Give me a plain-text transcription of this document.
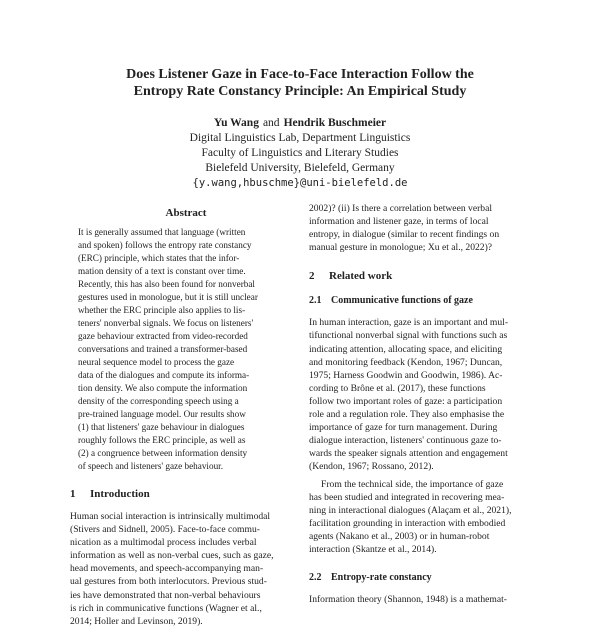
Does Listener Gaze in Face-to-Face Interaction Follow the
Entropy Rate Constancy Principle: An Empirical Study
Yu Wang and Hendrik Buschmeier
Digital Linguistics Lab, Department Linguistics
Faculty of Linguistics and Literary Studies
Bielefeld University, Bielefeld, Germany
{y.wang,hbuschme}@uni-bielefeld.de
Abstract
It is generally assumed that language (written
and spoken) follows the entropy rate constancy
(ERC) principle, which states that the infor-
mation density of a text is constant over time.
Recently, this has also been found for nonverbal
gestures used in monologue, but it is still unclear
whether the ERC principle also applies to lis-
teners' nonverbal signals. We focus on listeners'
gaze behaviour extracted from video-recorded
conversations and trained a transformer-based
neural sequence model to process the gaze
data of the dialogues and compute its informa-
tion density. We also compute the information
density of the corresponding speech using a
pre-trained language model. Our results show
(1) that listeners' gaze behaviour in dialogues
roughly follows the ERC principle, as well as
(2) a congruence between information density
of speech and listeners' gaze behaviour.
1 Introduction
Human social interaction is intrinsically multimodal
(Stivers and Sidnell, 2005). Face-to-face commu-
nication as a multimodal process includes verbal
information as well as non-verbal cues, such as gaze,
head movements, and speech-accompanying man-
ual gestures from both interlocutors. Previous stud-
ies have demonstrated that non-verbal behaviours
is rich in communicative functions (Wagner et al.,
2014; Holler and Levinson, 2019).
2002)? (ii) Is there a correlation between verbal
information and listener gaze, in terms of local
entropy, in dialogue (similar to recent findings on
manual gesture in monologue; Xu et al., 2022)?
2 Related work
2.1 Communicative functions of gaze
In human interaction, gaze is an important and mul-
tifunctional nonverbal signal with functions such as
indicating attention, allocating space, and eliciting
and monitoring feedback (Kendon, 1967; Duncan,
1975; Harness Goodwin and Goodwin, 1986). Ac-
cording to Brône et al. (2017), these functions
follow two important roles of gaze: a participation
role and a regulation role. They also emphasise the
importance of gaze for turn management. During
dialogue interaction, listeners' continuous gaze to-
wards the speaker signals attention and engagement
(Kendon, 1967; Rossano, 2012).
From the technical side, the importance of gaze
has been studied and integrated in recovering mea-
ning in interactional dialogues (Alaçam et al., 2021),
facilitation grounding in interaction with embodied
agents (Nakano et al., 2003) or in human-robot
interaction (Skantze et al., 2014).
2.2 Entropy-rate constancy
Information theory (Shannon, 1948) is a mathemat-
